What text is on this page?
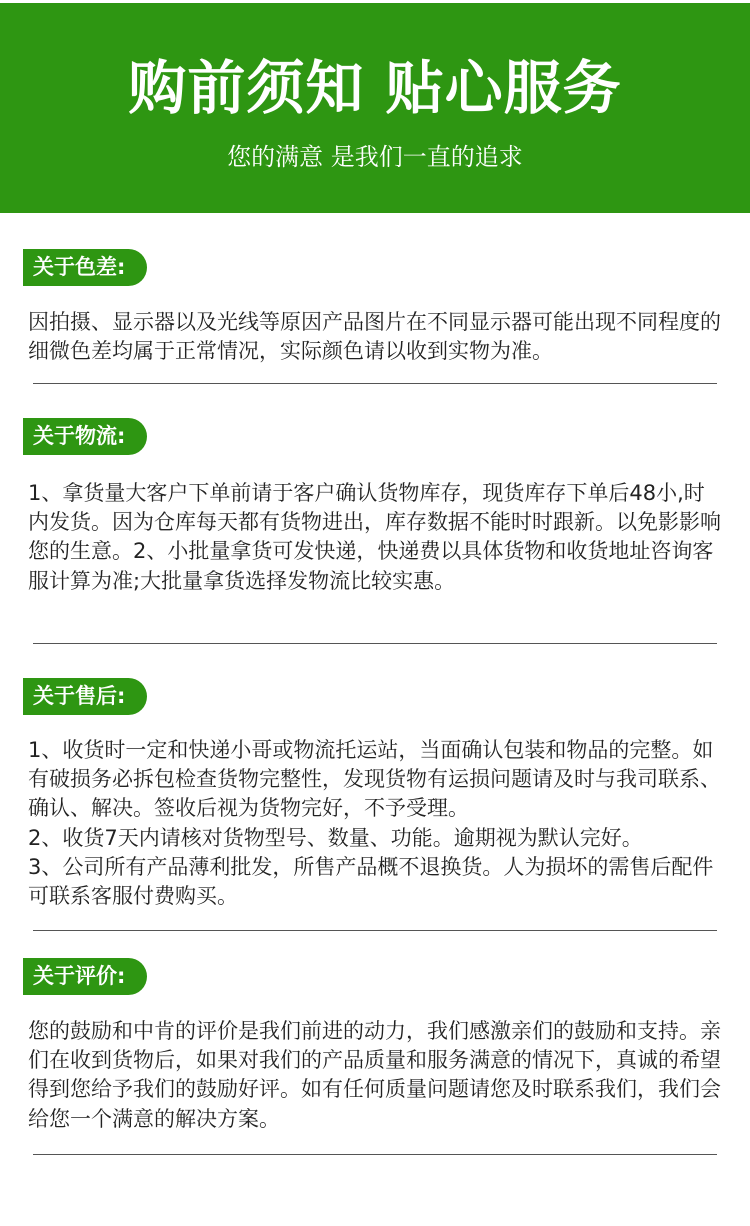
购前须知 贴心服务
您的满意 是我们一直的追求
关于色差:
因拍摄、显示器以及光线等原因产品图片在不同显示器可能出现不同程度的细微色差均属于正常情况，实际颜色请以收到实物为准。
关于物流:
1、拿货量大客户下单前请于客户确认货物库存，现货库存下单后48小,时内发货。因为仓库每天都有货物进出，库存数据不能时时跟新。以免影影响您的生意。2、小批量拿货可发快递，快递费以具体货物和收货地址咨询客服计算为准;大批量拿货选择发物流比较实惠。
关于售后:
1、收货时一定和快递小哥或物流托运站，当面确认包装和物品的完整。如有破损务必拆包检查货物完整性，发现货物有运损问题请及时与我司联系、确认、解决。签收后视为货物完好，不予受理。
2、收货7天内请核对货物型号、数量、功能。逾期视为默认完好。
3、公司所有产品薄利批发，所售产品概不退换货。人为损坏的需售后配件可联系客服付费购买。
关于评价:
您的鼓励和中肯的评价是我们前进的动力，我们感激亲们的鼓励和支持。亲们在收到货物后，如果对我们的产品质量和服务满意的情况下，真诚的希望得到您给予我们的鼓励好评。如有任何质量问题请您及时联系我们，我们会给您一个满意的解决方案。
